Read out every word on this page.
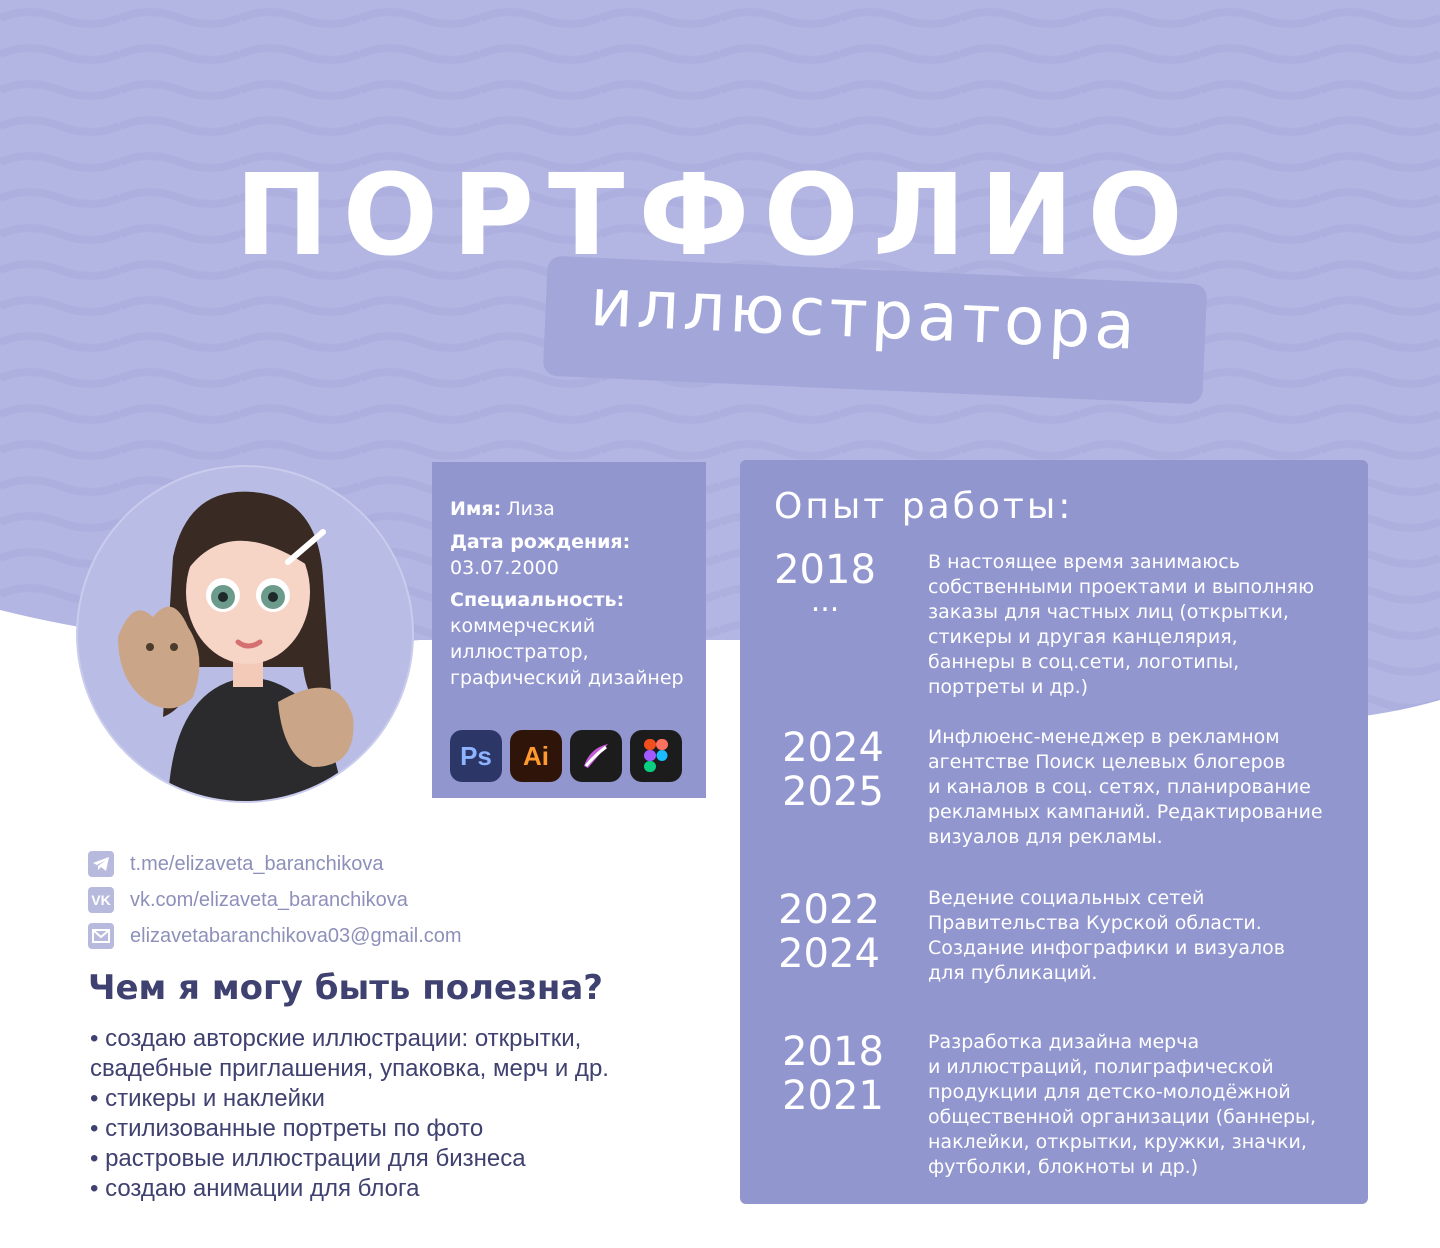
ПОРТФОЛИО
иллюстратора
Имя: Лиза
Дата рождения:
03.07.2000
Специальность:
коммерческий
иллюстратор,
графический дизайнер
Ps	Ai
Опыт работы:
2018
...
В настоящее время занимаюсь
собственными проектами и выполняю
заказы для частных лиц (открытки,
стикеры и другая канцелярия,
баннеры в соц.сети, логотипы,
портреты и др.)
2024
2025
Инфлюенс-менеджер в рекламном
агентстве Поиск целевых блогеров
и каналов в соц. сетях, планирование
рекламных кампаний. Редактирование
визуалов для рекламы.
2022
2024
Ведение социальных сетей
Правительства Курской области.
Создание инфографики и визуалов
для публикаций.
2018
2021
Разработка дизайна мерча
и иллюстраций, полиграфической
продукции для детско-молодёжной
общественной организации (баннеры,
наклейки, открытки, кружки, значки,
футболки, блокноты и др.)
t.me/elizaveta_baranchikova
VK vk.com/elizaveta_baranchikova
elizavetabaranchikova03@gmail.com
Чем я могу быть полезна?
• создаю авторские иллюстрации: открытки,
свадебные приглашения, упаковка, мерч и др.
• стикеры и наклейки
• стилизованные портреты по фото
• растровые иллюстрации для бизнеса
• создаю анимации для блога
